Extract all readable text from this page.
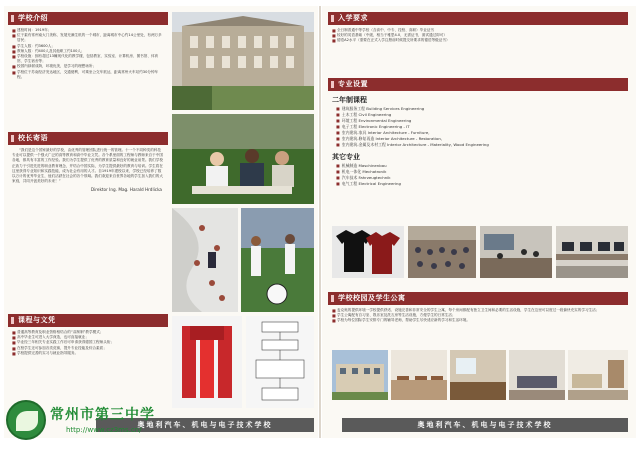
学校介绍
■ 建校时间：1919年；
■ 位于素有常州南大门美称，发展充满生机的一个城市，距离城市中心约14公里处，有两万多居民；
■ 学生人数：约3600人；
■ 教师人数：约400人及其他职工约100人；
■ 学校设施：拥有超过13幢现代化的教学楼，包括教室、实验室、计算机房、图书馆、体育馆、学生宿舍等；
■ 校园内绿树成荫，环境优美，是学习的理想场所；
■ 学校位于苏南经济发达地区，交通便利，可乘坐公交车抵达，距离常州火车站约30分钟车程。
校长寄语
“我们是这个国家最好的学校，由优秀的管理团队进行统一的管理。十一个不同种类的科技专业可以提供一个强大广泛的高等教育和高中毕业文凭。各个系里面的工程师与教师来自于中国各地，都具有丰富的工作经验。我们为学生提供了优秀的教育质量和良好的就业前景。我们学校正致力于引进先进的职业教育理念，并结合中国实际，为学生提供最好的教育与培训。学生将在这里获得专业知识和实践技能，成为社会有用的人才。自1919年建校以来，学校已经培养了数以万计的优秀毕业生，他们活跃在社会的各个领域。我们欢迎来自世界各地的学生加入我们的大家庭，共同开创美好的未来！”
Direktor Ing. Mag. Harald Hrdlicka
课程与文凭
■ 普通高等教育及职业资格相结合的“双制制”教学模式；
■ 高中毕业生可进入大学深造，也可直接就业；
■ 毕业经三年相关专业实践工作后可申请获得德国工程师头衔；
■ 在校学生还可参加各类竞赛，提升专业技能及综合素质；
■ 学校提供完善的实习与就业指导服务。
奥地利汽车、机电与电子技术学校
入学要求
■ 全日制普通中等学校（含高中、中专、技校、高职）毕业证书
■ 较好的英语基础（中级，相当于雅思4.0，无需证书，面试通过即可）
■ 德语A2水平（需要在正式入学注册前时候提交所要求的德语等级证书）
专业设置
二年制课程
■ 建筑服务工程 Building Services Engineering
■ 土木工程 Civil Engineering
■ 环境工程 Environmental Engineering
■ 电子工程 Electronic Engineering - IT
■ 室内建筑-家具 Interior Architecture - Furniture,
■ 室内建筑-修复再造 Interior Architecture - Restoration,
■ 室内建筑-金属及木材工程 Interior Architecture - Materiality, Wood Engineering
其它专业
■ 机械制造 Maschinenbau
■ 机电一体化 Mechatronik
■ 汽车技术 Fahrzeugtechnik
■ 电气工程 Electrical Engineering
学校校园及学生公寓
■ 麦克奥的提供环境一学校提供舒适、设施完善和非常安全的学生公寓，每个房间都配有独立卫生间和必要的生活设施，学生在这里可以度过一段愉快充实的学习生活；
■ 学生公寓配有自习室、娱乐室及洗衣房等生活设施，方便学生的日常生活；
■ 学校为每位国际学生安排专门的辅导老师，帮助学生尽快适应新的学习和生活环境。
奥地利汽车、机电与电子技术学校
常州市第三中学
http://www.cz3ms.cn/
